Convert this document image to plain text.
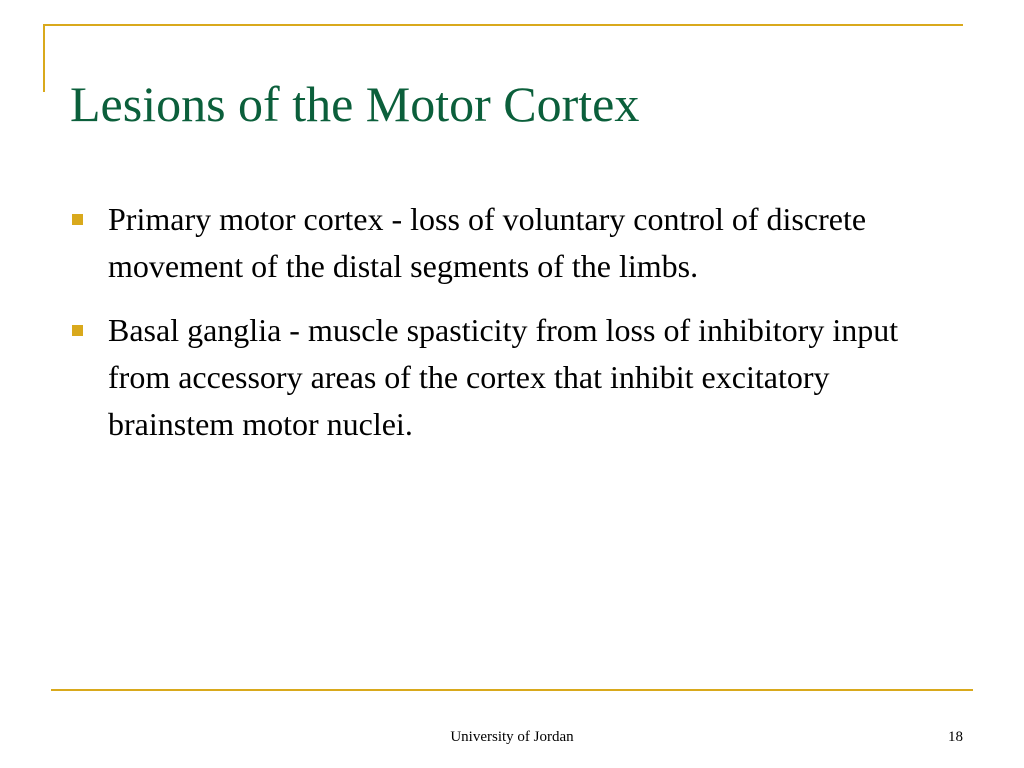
Lesions of the Motor Cortex
Primary motor cortex - loss of voluntary control of discrete movement of the distal segments of the limbs.
Basal ganglia - muscle spasticity from loss of inhibitory input from accessory areas of the cortex that inhibit excitatory brainstem motor nuclei.
University of Jordan	18
